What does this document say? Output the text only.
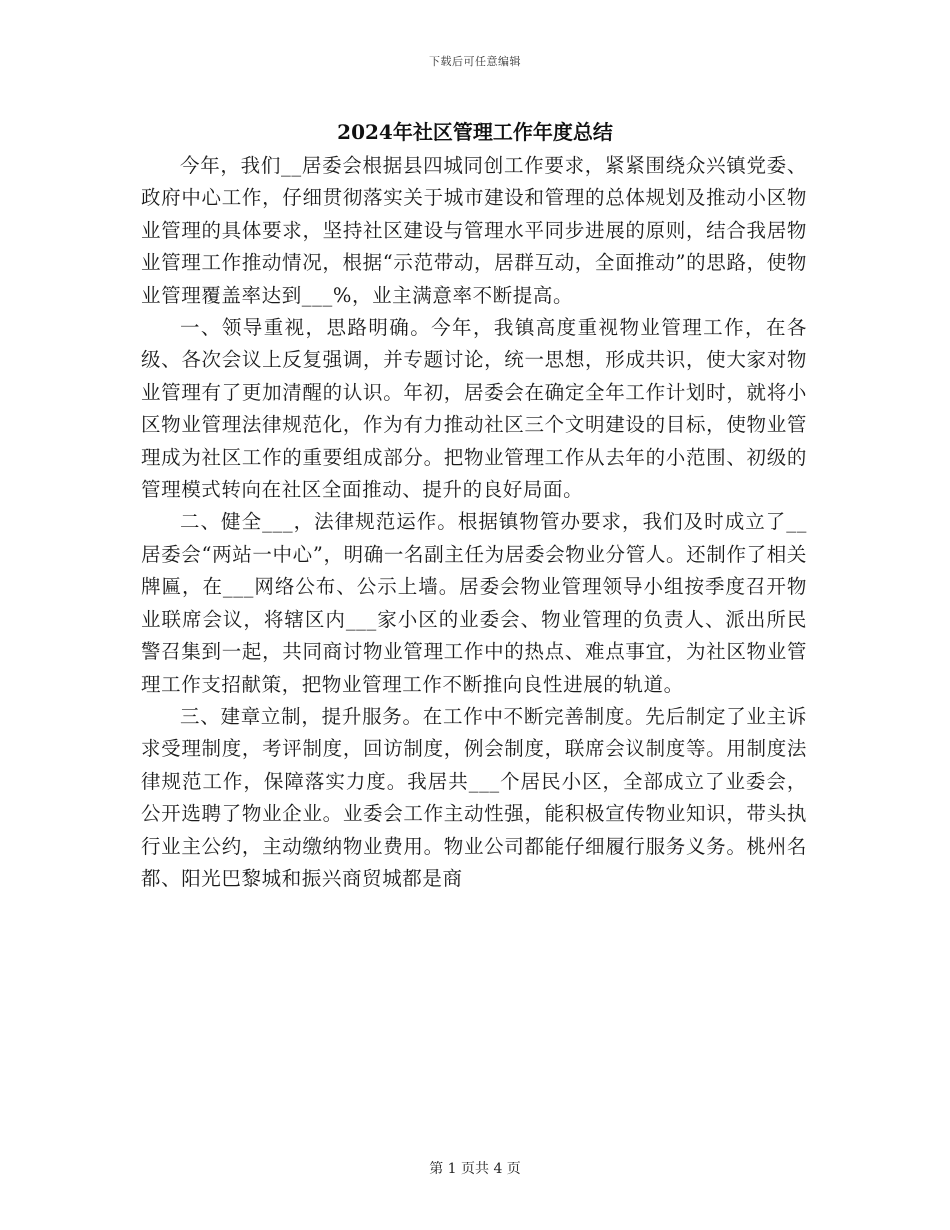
下载后可任意编辑
2024年社区管理工作年度总结

今年，我们__居委会根据县四城同创工作要求，紧紧围绕众兴镇党委、政府中心工作，仔细贯彻落实关于城市建设和管理的总体规划及推动小区物业管理的具体要求，坚持社区建设与管理水平同步进展的原则，结合我居物业管理工作推动情况，根据“示范带动，居群互动，全面推动”的思路，使物业管理覆盖率达到___%，业主满意率不断提高。

一、领导重视，思路明确。今年，我镇高度重视物业管理工作，在各级、各次会议上反复强调，并专题讨论，统一思想，形成共识，使大家对物业管理有了更加清醒的认识。年初，居委会在确定全年工作计划时，就将小区物业管理法律规范化，作为有力推动社区三个文明建设的目标，使物业管理成为社区工作的重要组成部分。把物业管理工作从去年的小范围、初级的管理模式转向在社区全面推动、提升的良好局面。

二、健全___，法律规范运作。根据镇物管办要求，我们及时成立了__居委会“两站一中心”，明确一名副主任为居委会物业分管人。还制作了相关牌匾，在___网络公布、公示上墙。居委会物业管理领导小组按季度召开物业联席会议，将辖区内___家小区的业委会、物业管理的负责人、派出所民警召集到一起，共同商讨物业管理工作中的热点、难点事宜，为社区物业管理工作支招献策，把物业管理工作不断推向良性进展的轨道。

三、建章立制，提升服务。在工作中不断完善制度。先后制定了业主诉求受理制度，考评制度，回访制度，例会制度，联席会议制度等。用制度法律规范工作，保障落实力度。我居共___个居民小区，全部成立了业委会，公开选聘了物业企业。业委会工作主动性强，能积极宣传物业知识，带头执行业主公约，主动缴纳物业费用。物业公司都能仔细履行服务义务。桃州名都、阳光巴黎城和振兴商贸城都是商

第 1 页共 4 页
